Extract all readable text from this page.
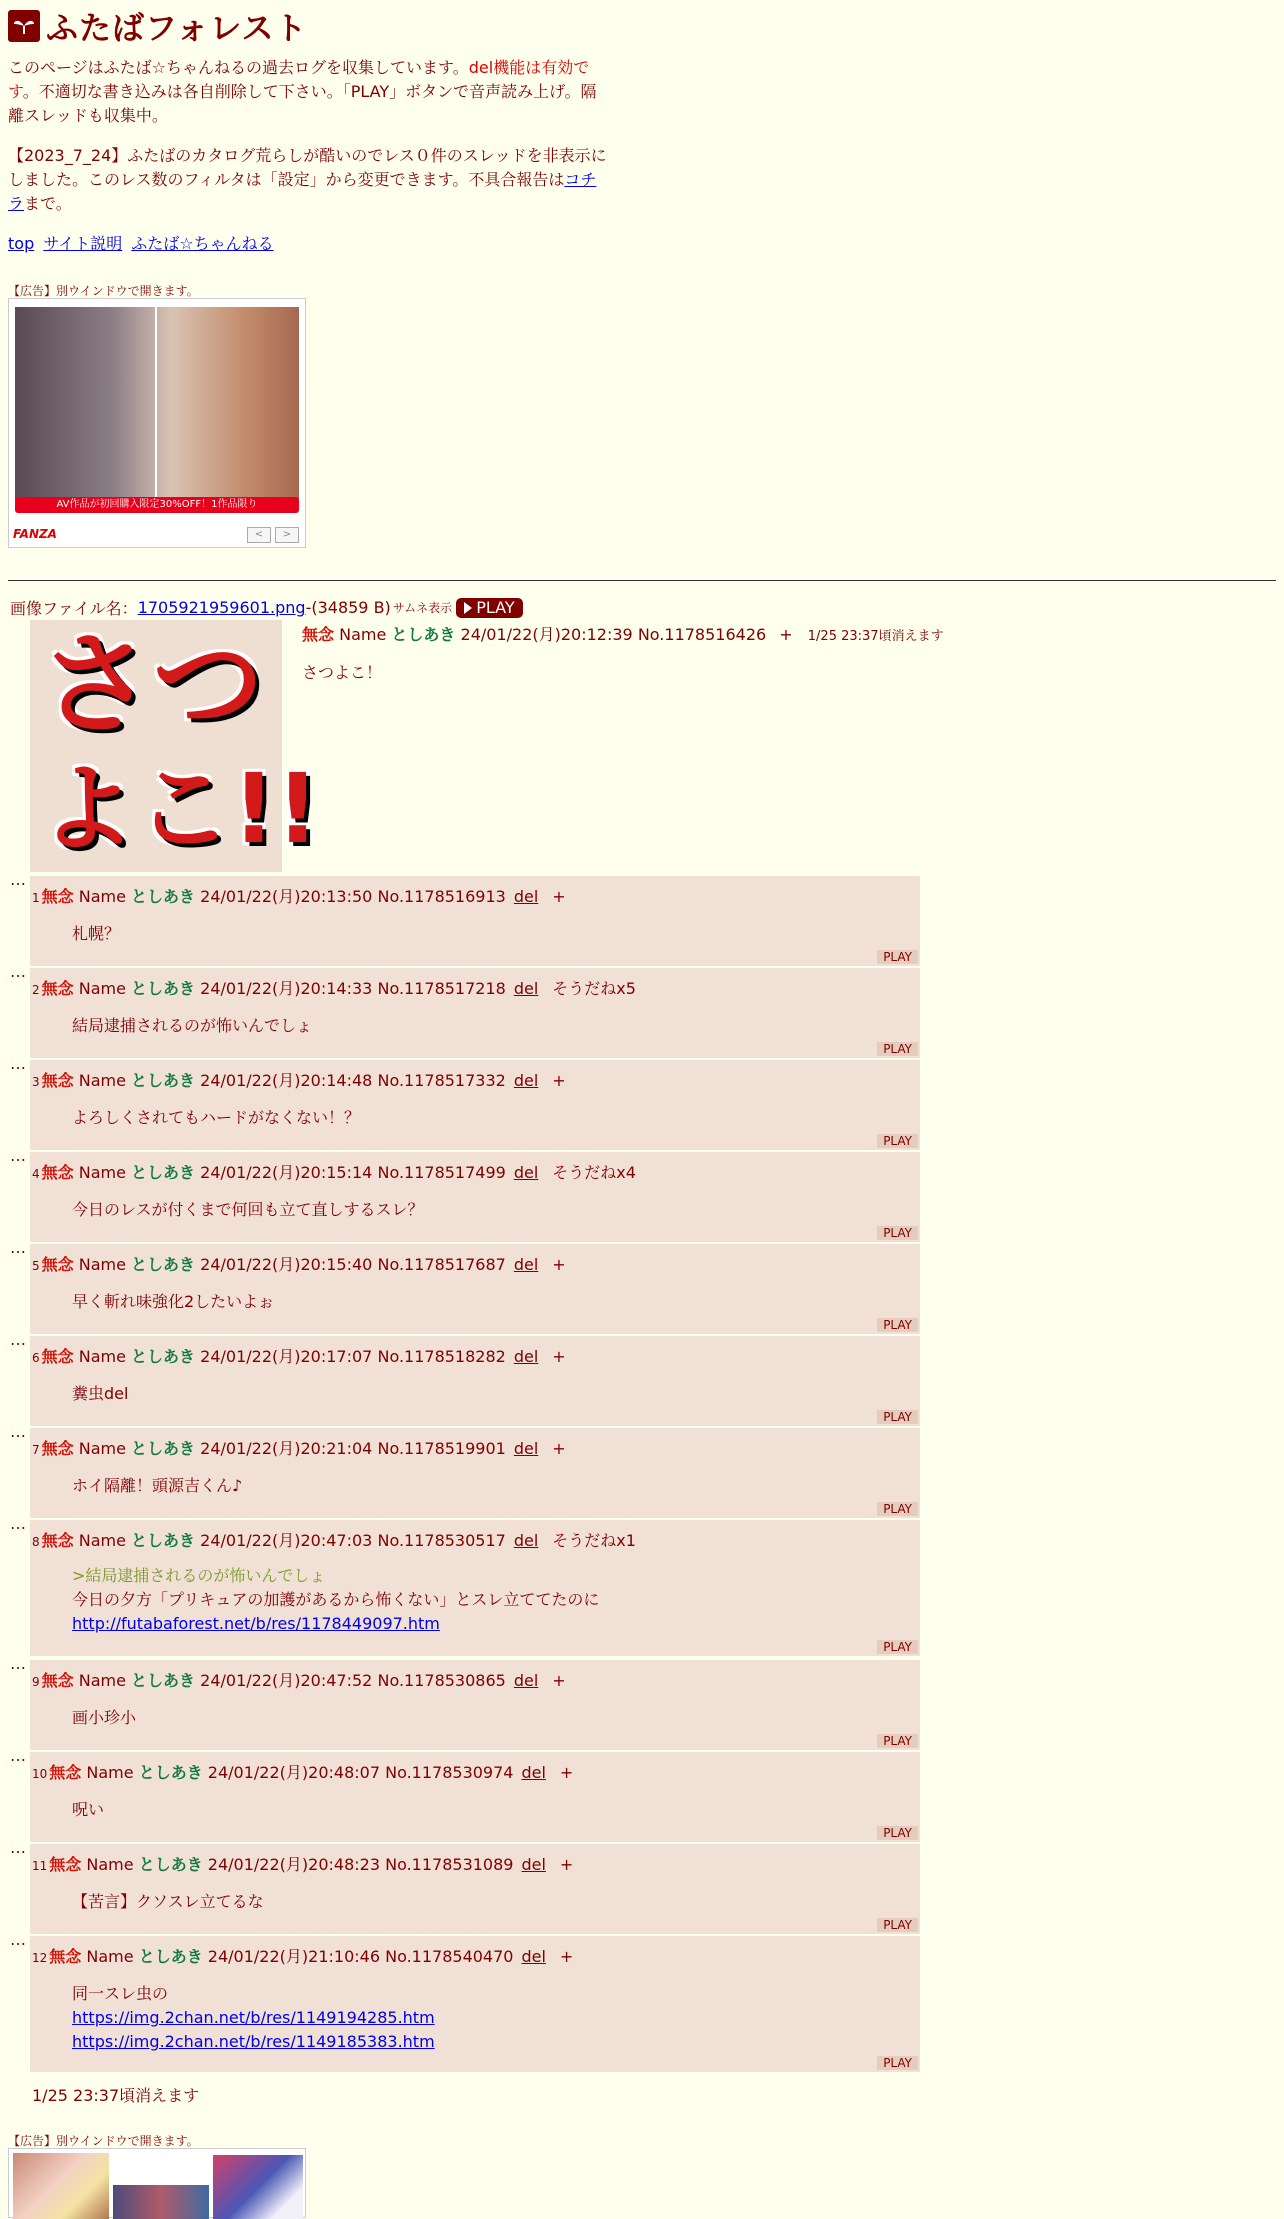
ふたばフォレスト

このページはふたば☆ちゃんねるの過去ログを収集しています。del機能は有効です。不適切な書き込みは各自削除して下さい。「PLAY」ボタンで音声読み上げ。隔離スレッドも収集中。

【2023_7_24】ふたばのカタログ荒らしが酷いのでレス０件のスレッドを非表示にしました。このレス数のフィルタは「設定」から変更できます。不具合報告はコチラまで。

top サイト説明 ふたば☆ちゃんねる
【広告】別ウインドウで開きます。
AV作品が初回購入限定30%OFF！1作品限り
FANZA	<	>
画像ファイル名： 1705921959601.png -(34859 B) サムネ表示 PLAY
さつ
よこ!!
無念 Name としあき 24/01/22(月)20:12:39 No.1178516426 + 1/25 23:37頃消えます
さつよこ！
…
1 無念 Name としあき 24/01/22(月)20:13:50 No.1178516913 del +
札幌？
PLAY
…
2 無念 Name としあき 24/01/22(月)20:14:33 No.1178517218 del そうだねx5
結局逮捕されるのが怖いんでしょ
PLAY
…
3 無念 Name としあき 24/01/22(月)20:14:48 No.1178517332 del +
よろしくされてもハードがなくない！？
PLAY
…
4 無念 Name としあき 24/01/22(月)20:15:14 No.1178517499 del そうだねx4
今日のレスが付くまで何回も立て直しするスレ？
PLAY
…
5 無念 Name としあき 24/01/22(月)20:15:40 No.1178517687 del +
早く斬れ味強化2したいよぉ
PLAY
…
6 無念 Name としあき 24/01/22(月)20:17:07 No.1178518282 del +
糞虫del
PLAY
…
7 無念 Name としあき 24/01/22(月)20:21:04 No.1178519901 del +
ホイ隔離！頭源吉くん♪
PLAY
…
8 無念 Name としあき 24/01/22(月)20:47:03 No.1178530517 del そうだねx1
>結局逮捕されるのが怖いんでしょ
今日の夕方「プリキュアの加護があるから怖くない」とスレ立ててたのに
http://futabaforest.net/b/res/1178449097.htm
PLAY
…
9 無念 Name としあき 24/01/22(月)20:47:52 No.1178530865 del +
画小珍小
PLAY
…
10 無念 Name としあき 24/01/22(月)20:48:07 No.1178530974 del +
呪い
PLAY
…
11 無念 Name としあき 24/01/22(月)20:48:23 No.1178531089 del +
【苦言】クソスレ立てるな
PLAY
…
12 無念 Name としあき 24/01/22(月)21:10:46 No.1178540470 del +
同一スレ虫の
https://img.2chan.net/b/res/1149194285.htm
https://img.2chan.net/b/res/1149185383.htm
PLAY
1/25 23:37頃消えます
【広告】別ウインドウで開きます。
